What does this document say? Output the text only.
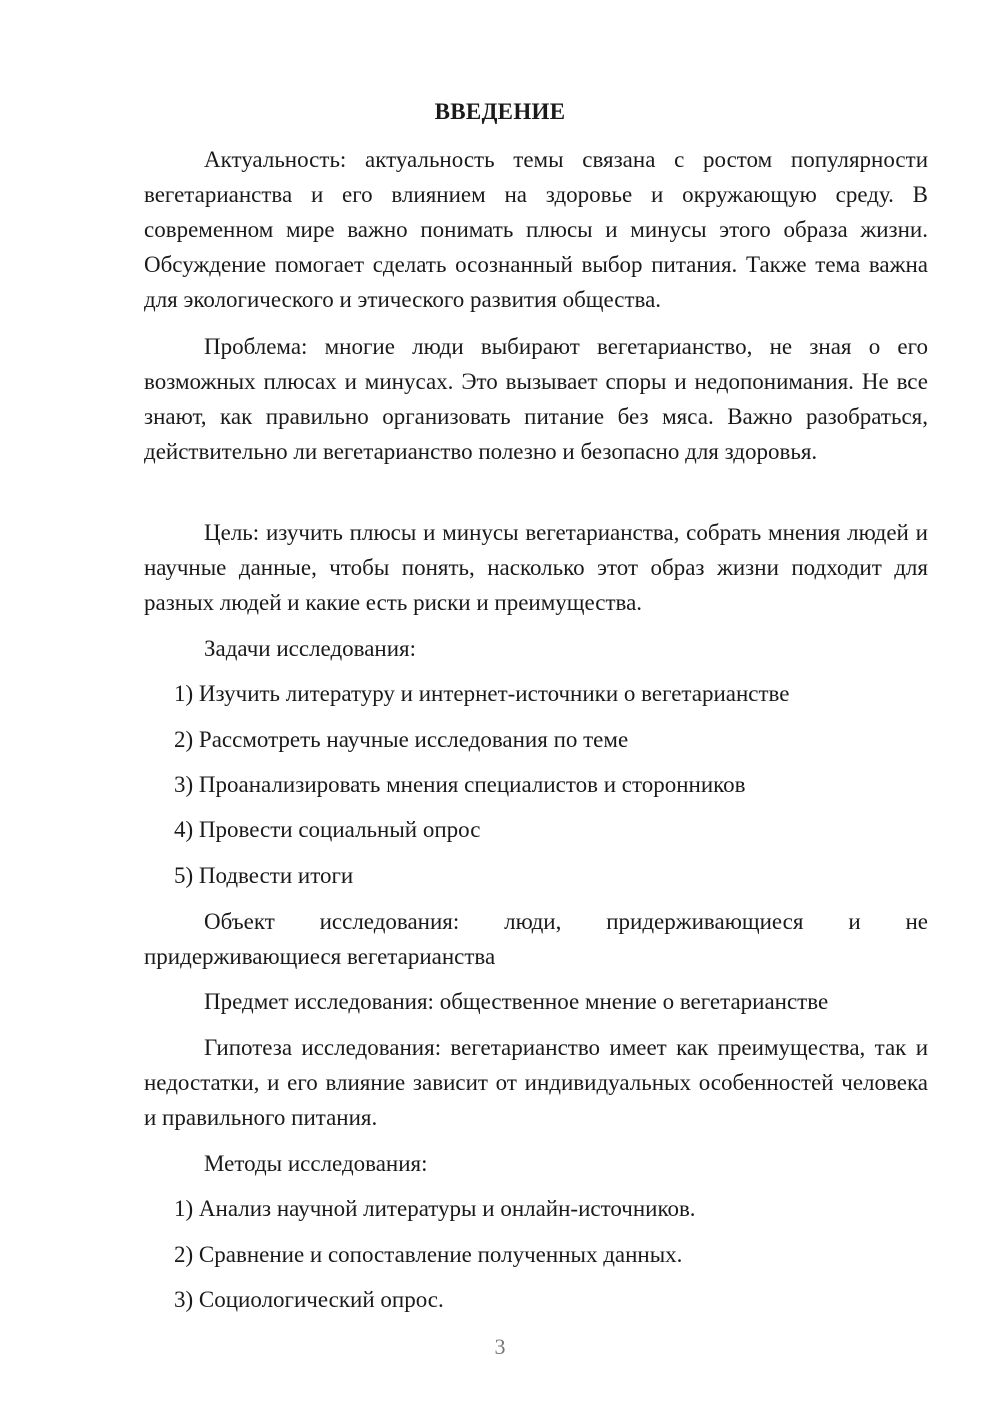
ВВЕДЕНИЕ

Актуальность: актуальность темы связана с ростом популярности вегетарианства и его влиянием на здоровье и окружающую среду. В современном мире важно понимать плюсы и минусы этого образа жизни. Обсуждение помогает сделать осознанный выбор питания. Также тема важна для экологического и этического развития общества.

Проблема: многие люди выбирают вегетарианство, не зная о его возможных плюсах и минусах. Это вызывает споры и недопонимания. Не все знают, как правильно организовать питание без мяса. Важно разобраться, действительно ли вегетарианство полезно и безопасно для здоровья.

Цель: изучить плюсы и минусы вегетарианства, собрать мнения людей и научные данные, чтобы понять, насколько этот образ жизни подходит для разных людей и какие есть риски и преимущества.

Задачи исследования:

1) Изучить литературу и интернет-источники о вегетарианстве

2) Рассмотреть научные исследования по теме

3) Проанализировать мнения специалистов и сторонников

4) Провести социальный опрос

5) Подвести итоги

Объект исследования: люди, придерживающиеся и не придерживающиеся вегетарианства

Предмет исследования: общественное мнение о вегетарианстве

Гипотеза исследования: вегетарианство имеет как преимущества, так и недостатки, и его влияние зависит от индивидуальных особенностей человека и правильного питания.

Методы исследования:

1) Анализ научной литературы и онлайн-источников.

2) Сравнение и сопоставление полученных данных.

3) Социологический опрос.

3
